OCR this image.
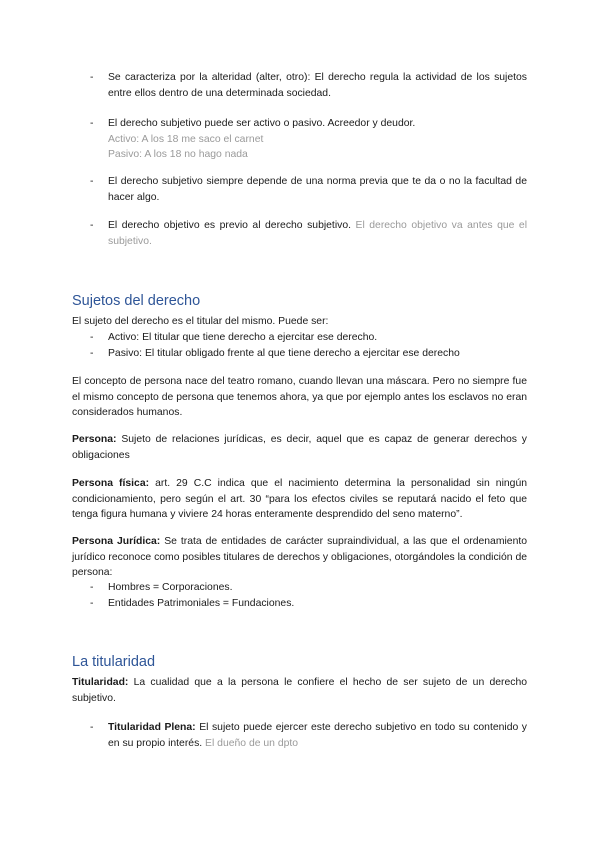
- Se caracteriza por la alteridad (alter, otro): El derecho regula la actividad de los sujetos entre ellos dentro de una determinada sociedad.
- El derecho subjetivo puede ser activo o pasivo. Acreedor y deudor.
Activo: A los 18 me saco el carnet
Pasivo: A los 18 no hago nada
- El derecho subjetivo siempre depende de una norma previa que te da o no la facultad de hacer algo.
- El derecho objetivo es previo al derecho subjetivo. El derecho objetivo va antes que el subjetivo.
Sujetos del derecho
El sujeto del derecho es el titular del mismo. Puede ser:
- Activo: El titular que tiene derecho a ejercitar ese derecho.
- Pasivo: El titular obligado frente al que tiene derecho a ejercitar ese derecho
El concepto de persona nace del teatro romano, cuando llevan una máscara. Pero no siempre fue el mismo concepto de persona que tenemos ahora, ya que por ejemplo antes los esclavos no eran considerados humanos.
Persona: Sujeto de relaciones jurídicas, es decir, aquel que es capaz de generar derechos y obligaciones
Persona física: art. 29 C.C indica que el nacimiento determina la personalidad sin ningún condicionamiento, pero según el art. 30 “para los efectos civiles se reputará nacido el feto que tenga figura humana y viviere 24 horas enteramente desprendido del seno materno”.
Persona Jurídica: Se trata de entidades de carácter supraindividual, a las que el ordenamiento jurídico reconoce como posibles titulares de derechos y obligaciones, otorgándoles la condición de persona:
- Hombres = Corporaciones.
- Entidades Patrimoniales = Fundaciones.
La titularidad
Titularidad: La cualidad que a la persona le confiere el hecho de ser sujeto de un derecho subjetivo.
- Titularidad Plena: El sujeto puede ejercer este derecho subjetivo en todo su contenido y en su propio interés. El dueño de un dpto
